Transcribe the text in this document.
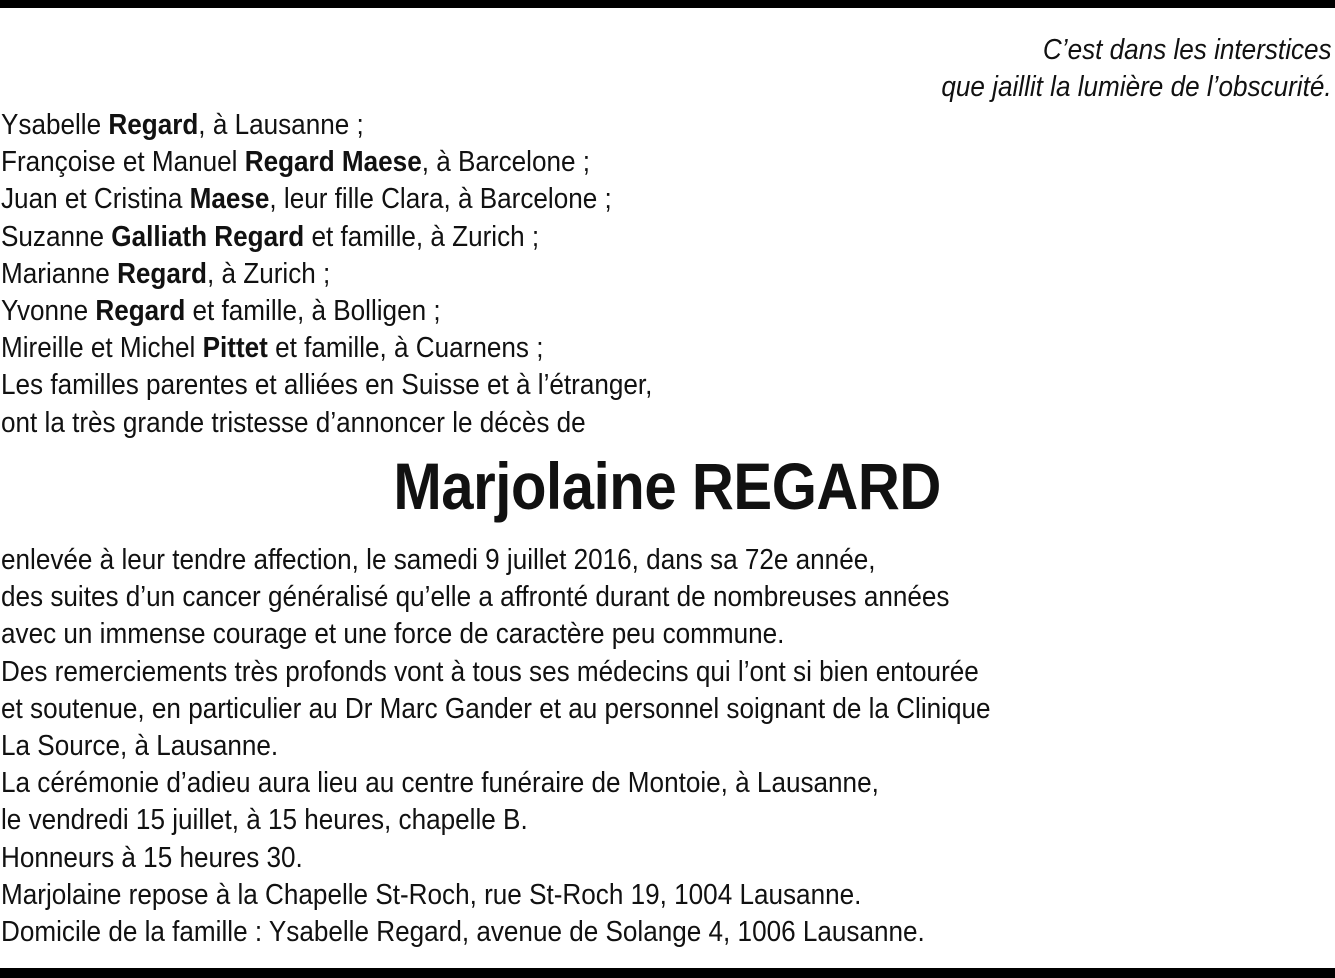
C’est dans les interstices
que jaillit la lumière de l’obscurité.
Ysabelle Regard, à Lausanne ;
Françoise et Manuel Regard Maese, à Barcelone ;
Juan et Cristina Maese, leur fille Clara, à Barcelone ;
Suzanne Galliath Regard et famille, à Zurich ;
Marianne Regard, à Zurich ;
Yvonne Regard et famille, à Bolligen ;
Mireille et Michel Pittet et famille, à Cuarnens ;
Les familles parentes et alliées en Suisse et à l’étranger,
ont la très grande tristesse d’annoncer le décès de
Marjolaine REGARD
enlevée à leur tendre affection, le samedi 9 juillet 2016, dans sa 72e année,
des suites d’un cancer généralisé qu’elle a affronté durant de nombreuses années
avec un immense courage et une force de caractère peu commune.
Des remerciements très profonds vont à tous ses médecins qui l’ont si bien entourée
et soutenue, en particulier au Dr Marc Gander et au personnel soignant de la Clinique
La Source, à Lausanne.
La cérémonie d’adieu aura lieu au centre funéraire de Montoie, à Lausanne,
le vendredi 15 juillet, à 15 heures, chapelle B.
Honneurs à 15 heures 30.
Marjolaine repose à la Chapelle St-Roch, rue St-Roch 19, 1004 Lausanne.
Domicile de la famille : Ysabelle Regard, avenue de Solange 4, 1006 Lausanne.
